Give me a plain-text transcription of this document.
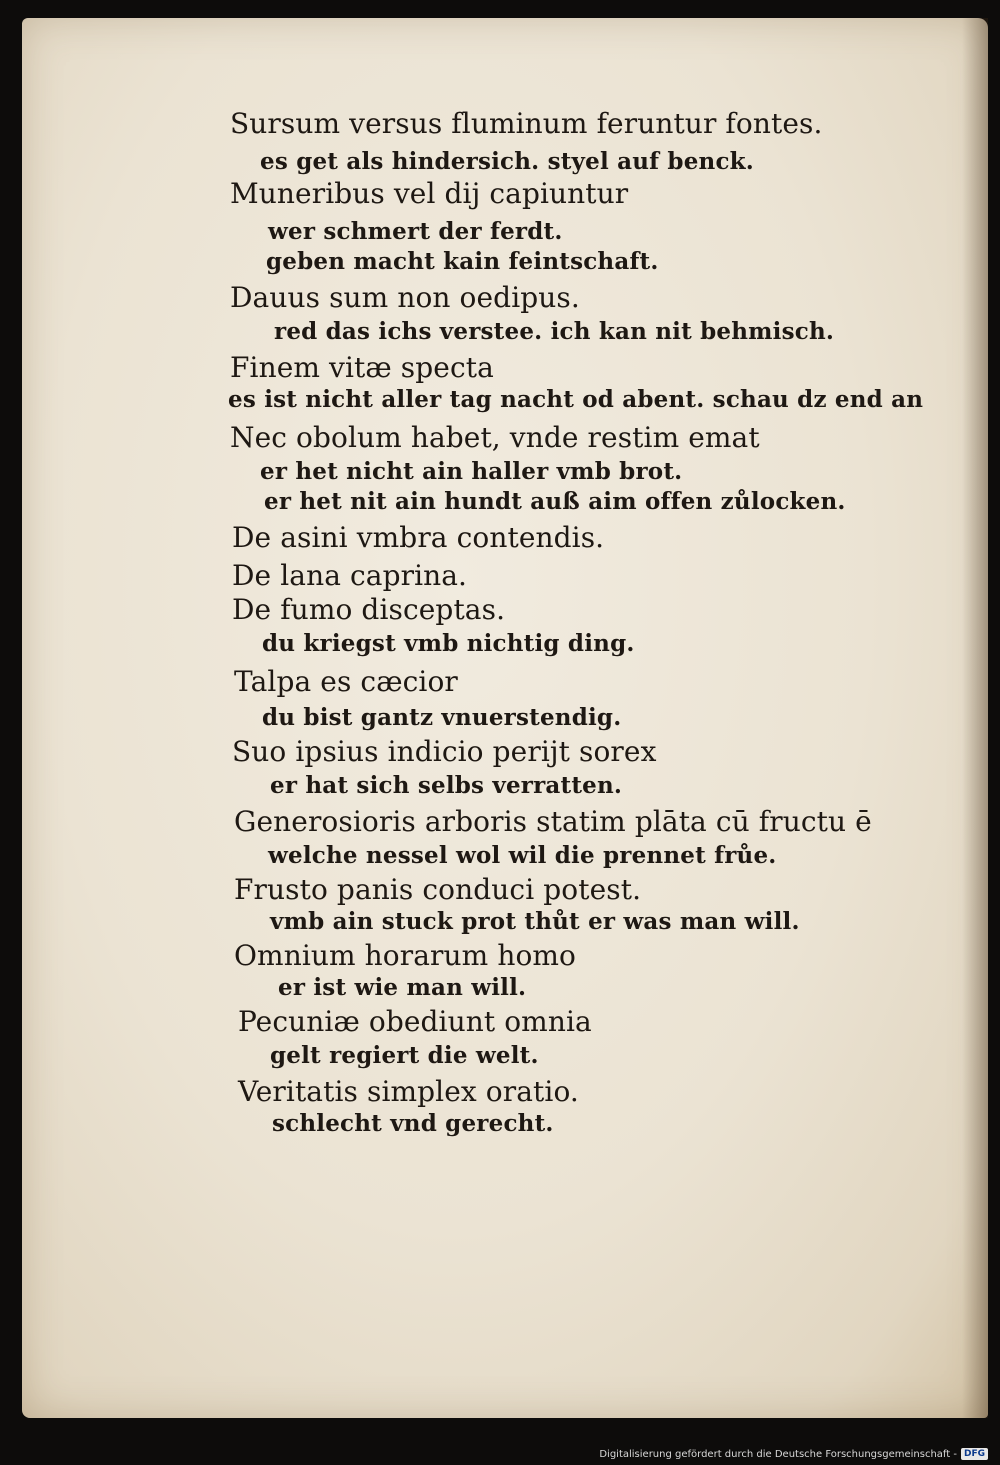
Sursum versus fluminum feruntur fontes.
es get als hindersich. styel auf benck.
Muneribus vel dij capiuntur
wer schmert der ferdt.
geben macht kain feintschaft.
Dauus sum non oedipus.
red das ichs verstee. ich kan nit behmisch.
Finem vitæ specta
es ist nicht aller tag nacht od abent. schau dz end an
Nec obolum habet, vnde restim emat
er het nicht ain haller vmb brot.
er het nit ain hundt auß aim offen zůlocken.
De asini vmbra contendis.
De lana caprina.
De fumo disceptas.
du kriegst vmb nichtig ding.
Talpa es cæcior
du bist gantz vnuerstendig.
Suo ipsius indicio perijt sorex
er hat sich selbs verratten.
Generosioris arboris statim plāta cū fructu ē
welche nessel wol wil die prennet frůe.
Frusto panis conduci potest.
vmb ain stuck prot thůt er was man will.
Omnium horarum homo
er ist wie man will.
Pecuniæ obediunt omnia
gelt regiert die welt.
Veritatis simplex oratio.
schlecht vnd gerecht.
Digitalisierung gefördert durch die Deutsche Forschungsgemeinschaft - DFG
